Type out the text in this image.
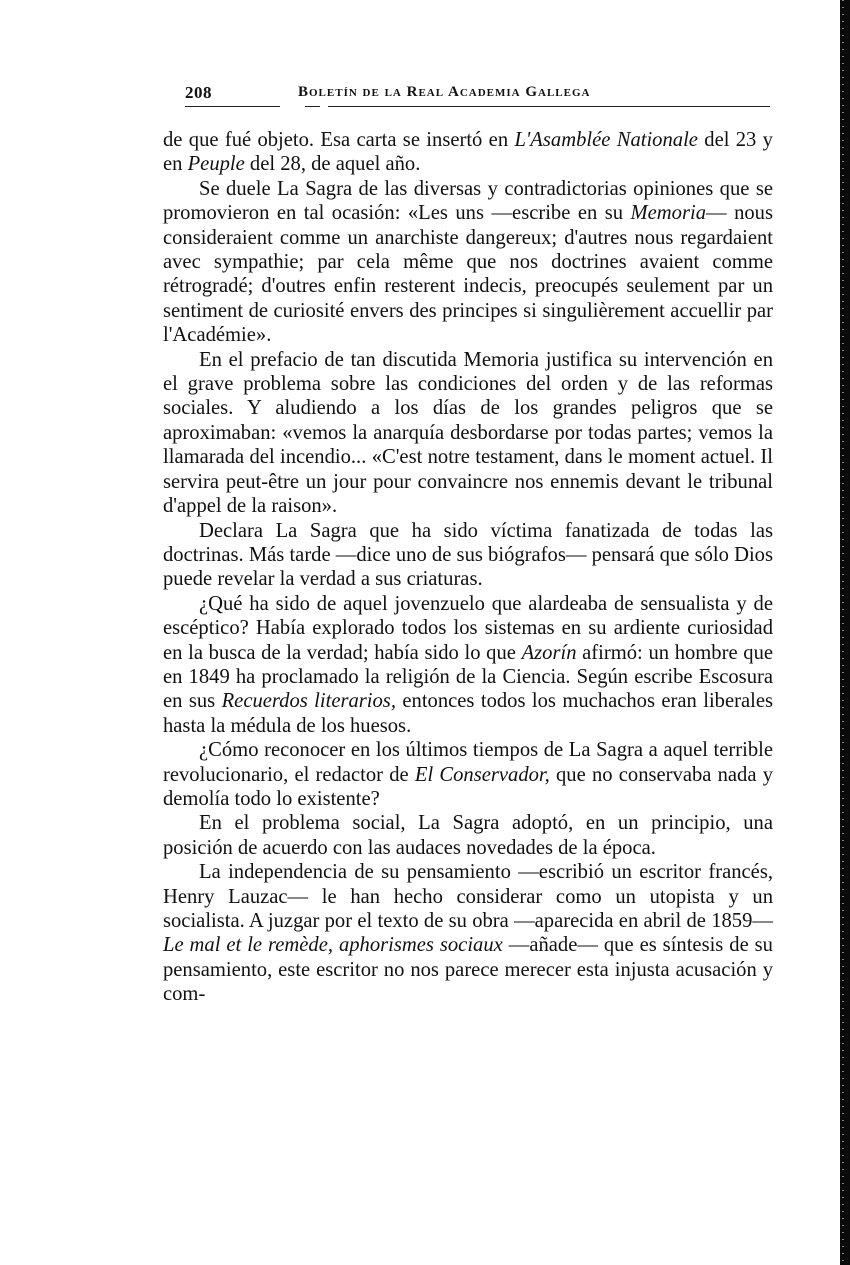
208	Boletín de la Real Academia Gallega

de que fué objeto. Esa carta se insertó en L'Asamblée Nationale del 23 y en Peuple del 28, de aquel año.

Se duele La Sagra de las diversas y contradictorias opiniones que se promovieron en tal ocasión: «Les uns —escribe en su Memoria— nous consideraient comme un anarchiste dangereux; d'autres nous regardaient avec sympathie; par cela même que nos doctrines avaient comme rétrogradé; d'outres enfin resterent indecis, preocupés seulement par un sentiment de curiosité envers des principes si singulièrement accuellir par l'Académie».

En el prefacio de tan discutida Memoria justifica su intervención en el grave problema sobre las condiciones del orden y de las reformas sociales. Y aludiendo a los días de los grandes peligros que se aproximaban: «vemos la anarquía desbordarse por todas partes; vemos la llamarada del incendio... «C'est notre testament, dans le moment actuel. Il servira peut-être un jour pour convaincre nos ennemis devant le tribunal d'appel de la raison».

Declara La Sagra que ha sido víctima fanatizada de todas las doctrinas. Más tarde —dice uno de sus biógrafos— pensará que sólo Dios puede revelar la verdad a sus criaturas.

¿Qué ha sido de aquel jovenzuelo que alardeaba de sensualista y de escéptico? Había explorado todos los sistemas en su ardiente curiosidad en la busca de la verdad; había sido lo que Azorín afirmó: un hombre que en 1849 ha proclamado la religión de la Ciencia. Según escribe Escosura en sus Recuerdos literarios, entonces todos los muchachos eran liberales hasta la médula de los huesos.

¿Cómo reconocer en los últimos tiempos de La Sagra a aquel terrible revolucionario, el redactor de El Conservador, que no conservaba nada y demolía todo lo existente?

En el problema social, La Sagra adoptó, en un principio, una posición de acuerdo con las audaces novedades de la época.

La independencia de su pensamiento —escribió un escritor francés, Henry Lauzac— le han hecho considerar como un utopista y un socialista. A juzgar por el texto de su obra —aparecida en abril de 1859— Le mal et le remède, aphorismes sociaux —añade— que es síntesis de su pensamiento, este escritor no nos parece merecer esta injusta acusación y com-
